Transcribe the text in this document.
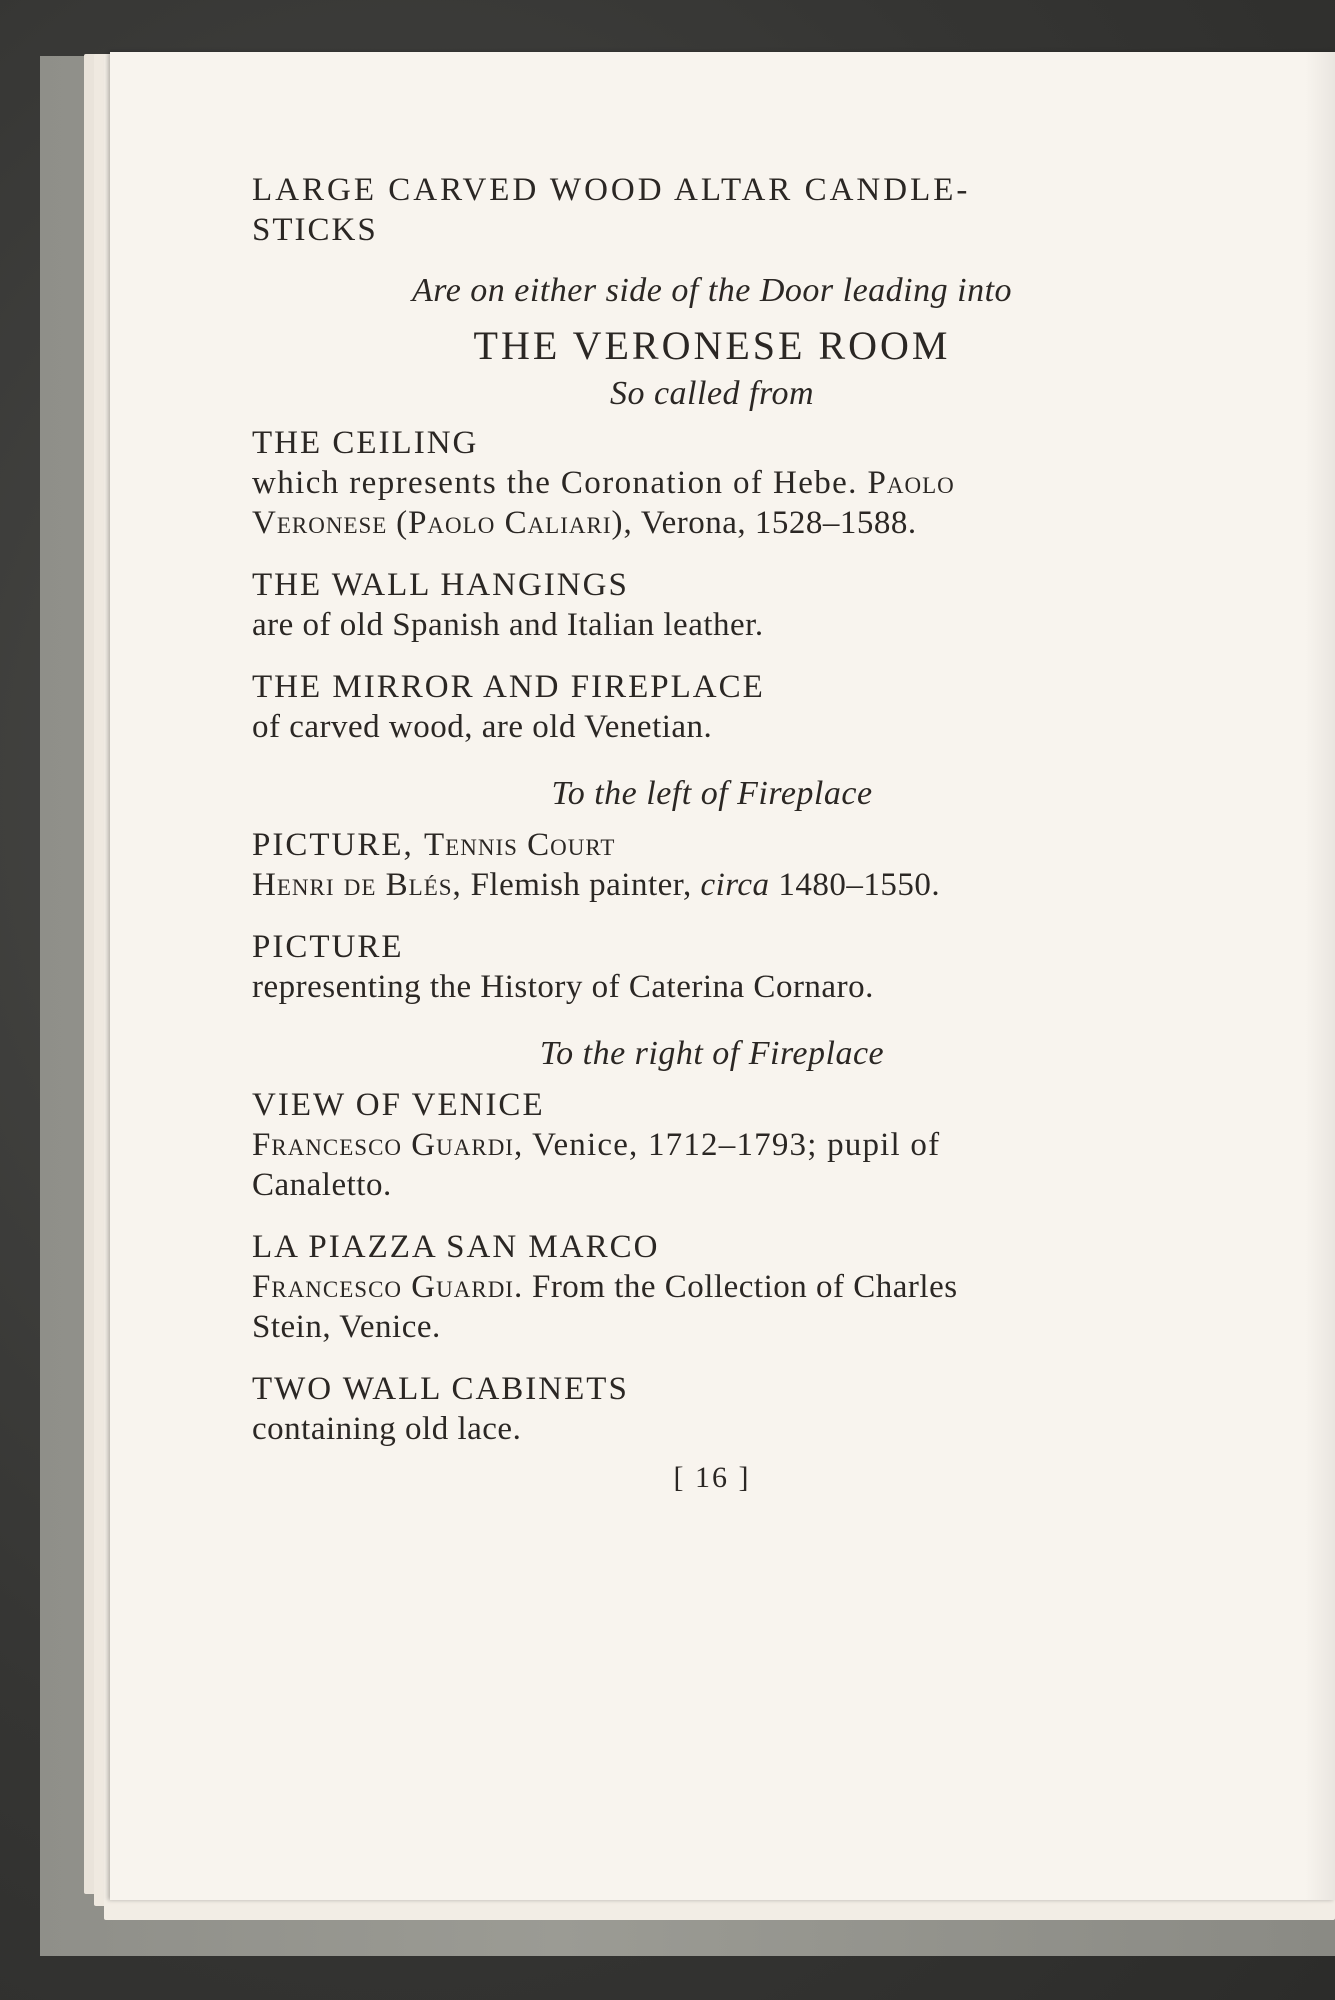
LARGE CARVED WOOD ALTAR CANDLE-

STICKS

Are on either side of the Door leading into

THE VERONESE ROOM

So called from

THE CEILING

which represents the Coronation of Hebe. Paolo

Veronese (Paolo Caliari), Verona, 1528–1588.

THE WALL HANGINGS

are of old Spanish and Italian leather.

THE MIRROR AND FIREPLACE

of carved wood, are old Venetian.

To the left of Fireplace

PICTURE, Tennis Court

Henri de Blés, Flemish painter, circa 1480–1550.

PICTURE

representing the History of Caterina Cornaro.

To the right of Fireplace

VIEW OF VENICE

Francesco Guardi, Venice, 1712–1793; pupil of

Canaletto.

LA PIAZZA SAN MARCO

Francesco Guardi. From the Collection of Charles

Stein, Venice.

TWO WALL CABINETS

containing old lace.

[ 16 ]
